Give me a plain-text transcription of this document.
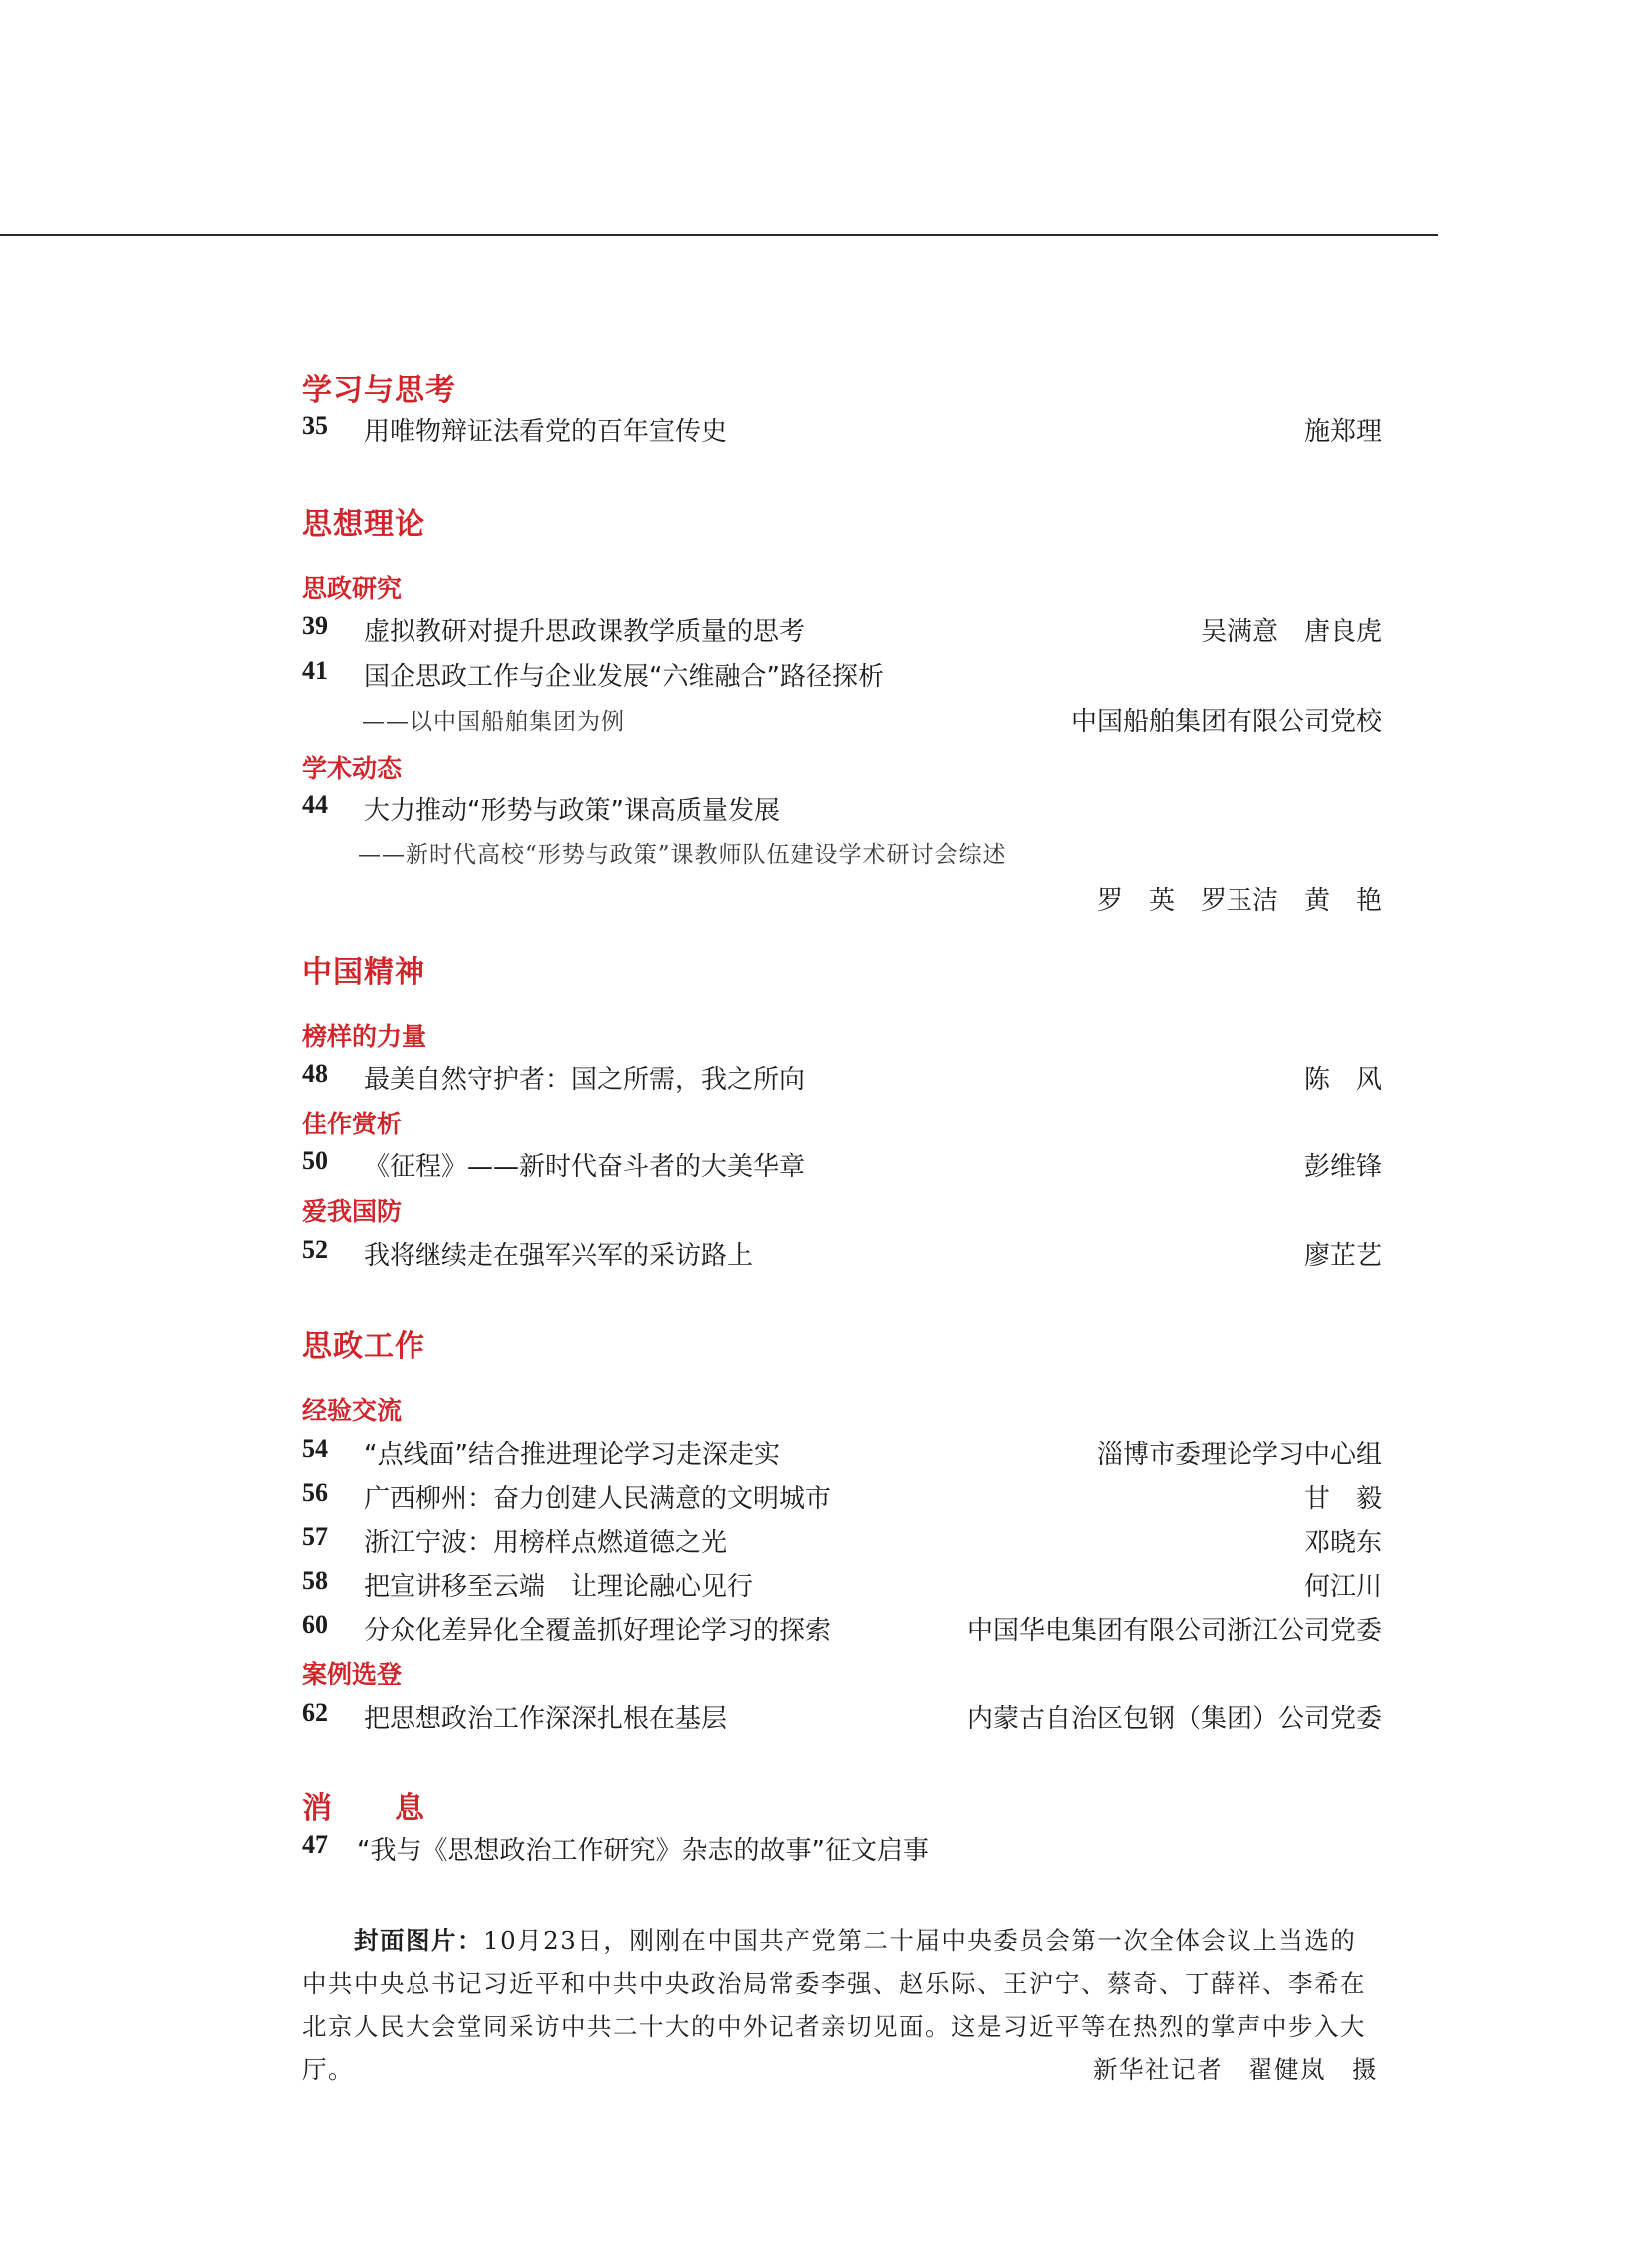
学习与思考
35	用唯物辩证法看党的百年宣传史	施郑理
思想理论
思政研究
39	虚拟教研对提升思政课教学质量的思考	吴满意　唐良虎
41	国企思政工作与企业发展“六维融合”路径探析
——以中国船舶集团为例	中国船舶集团有限公司党校
学术动态
44	大力推动“形势与政策”课高质量发展
——新时代高校“形势与政策”课教师队伍建设学术研讨会综述
罗　英　罗玉洁　黄　艳
中国精神
榜样的力量
48	最美自然守护者：国之所需，我之所向	陈　风
佳作赏析
50	《征程》——新时代奋斗者的大美华章	彭维锋
爱我国防
52	我将继续走在强军兴军的采访路上	廖芷艺
思政工作
经验交流
54	“点线面”结合推进理论学习走深走实	淄博市委理论学习中心组
56	广西柳州：奋力创建人民满意的文明城市	甘　毅
57	浙江宁波：用榜样点燃道德之光	邓晓东
58	把宣讲移至云端　让理论融心见行	何江川
60	分众化差异化全覆盖抓好理论学习的探索	中国华电集团有限公司浙江公司党委
案例选登
62	把思想政治工作深深扎根在基层	内蒙古自治区包钢（集团）公司党委
消　　息
47	“我与《思想政治工作研究》杂志的故事”征文启事
封面图片：10月23日，刚刚在中国共产党第二十届中央委员会第一次全体会议上当选的中共中央总书记习近平和中共中央政治局常委李强、赵乐际、王沪宁、蔡奇、丁薛祥、李希在北京人民大会堂同采访中共二十大的中外记者亲切见面。这是习近平等在热烈的掌声中步入大厅。	新华社记者　翟健岚　摄
